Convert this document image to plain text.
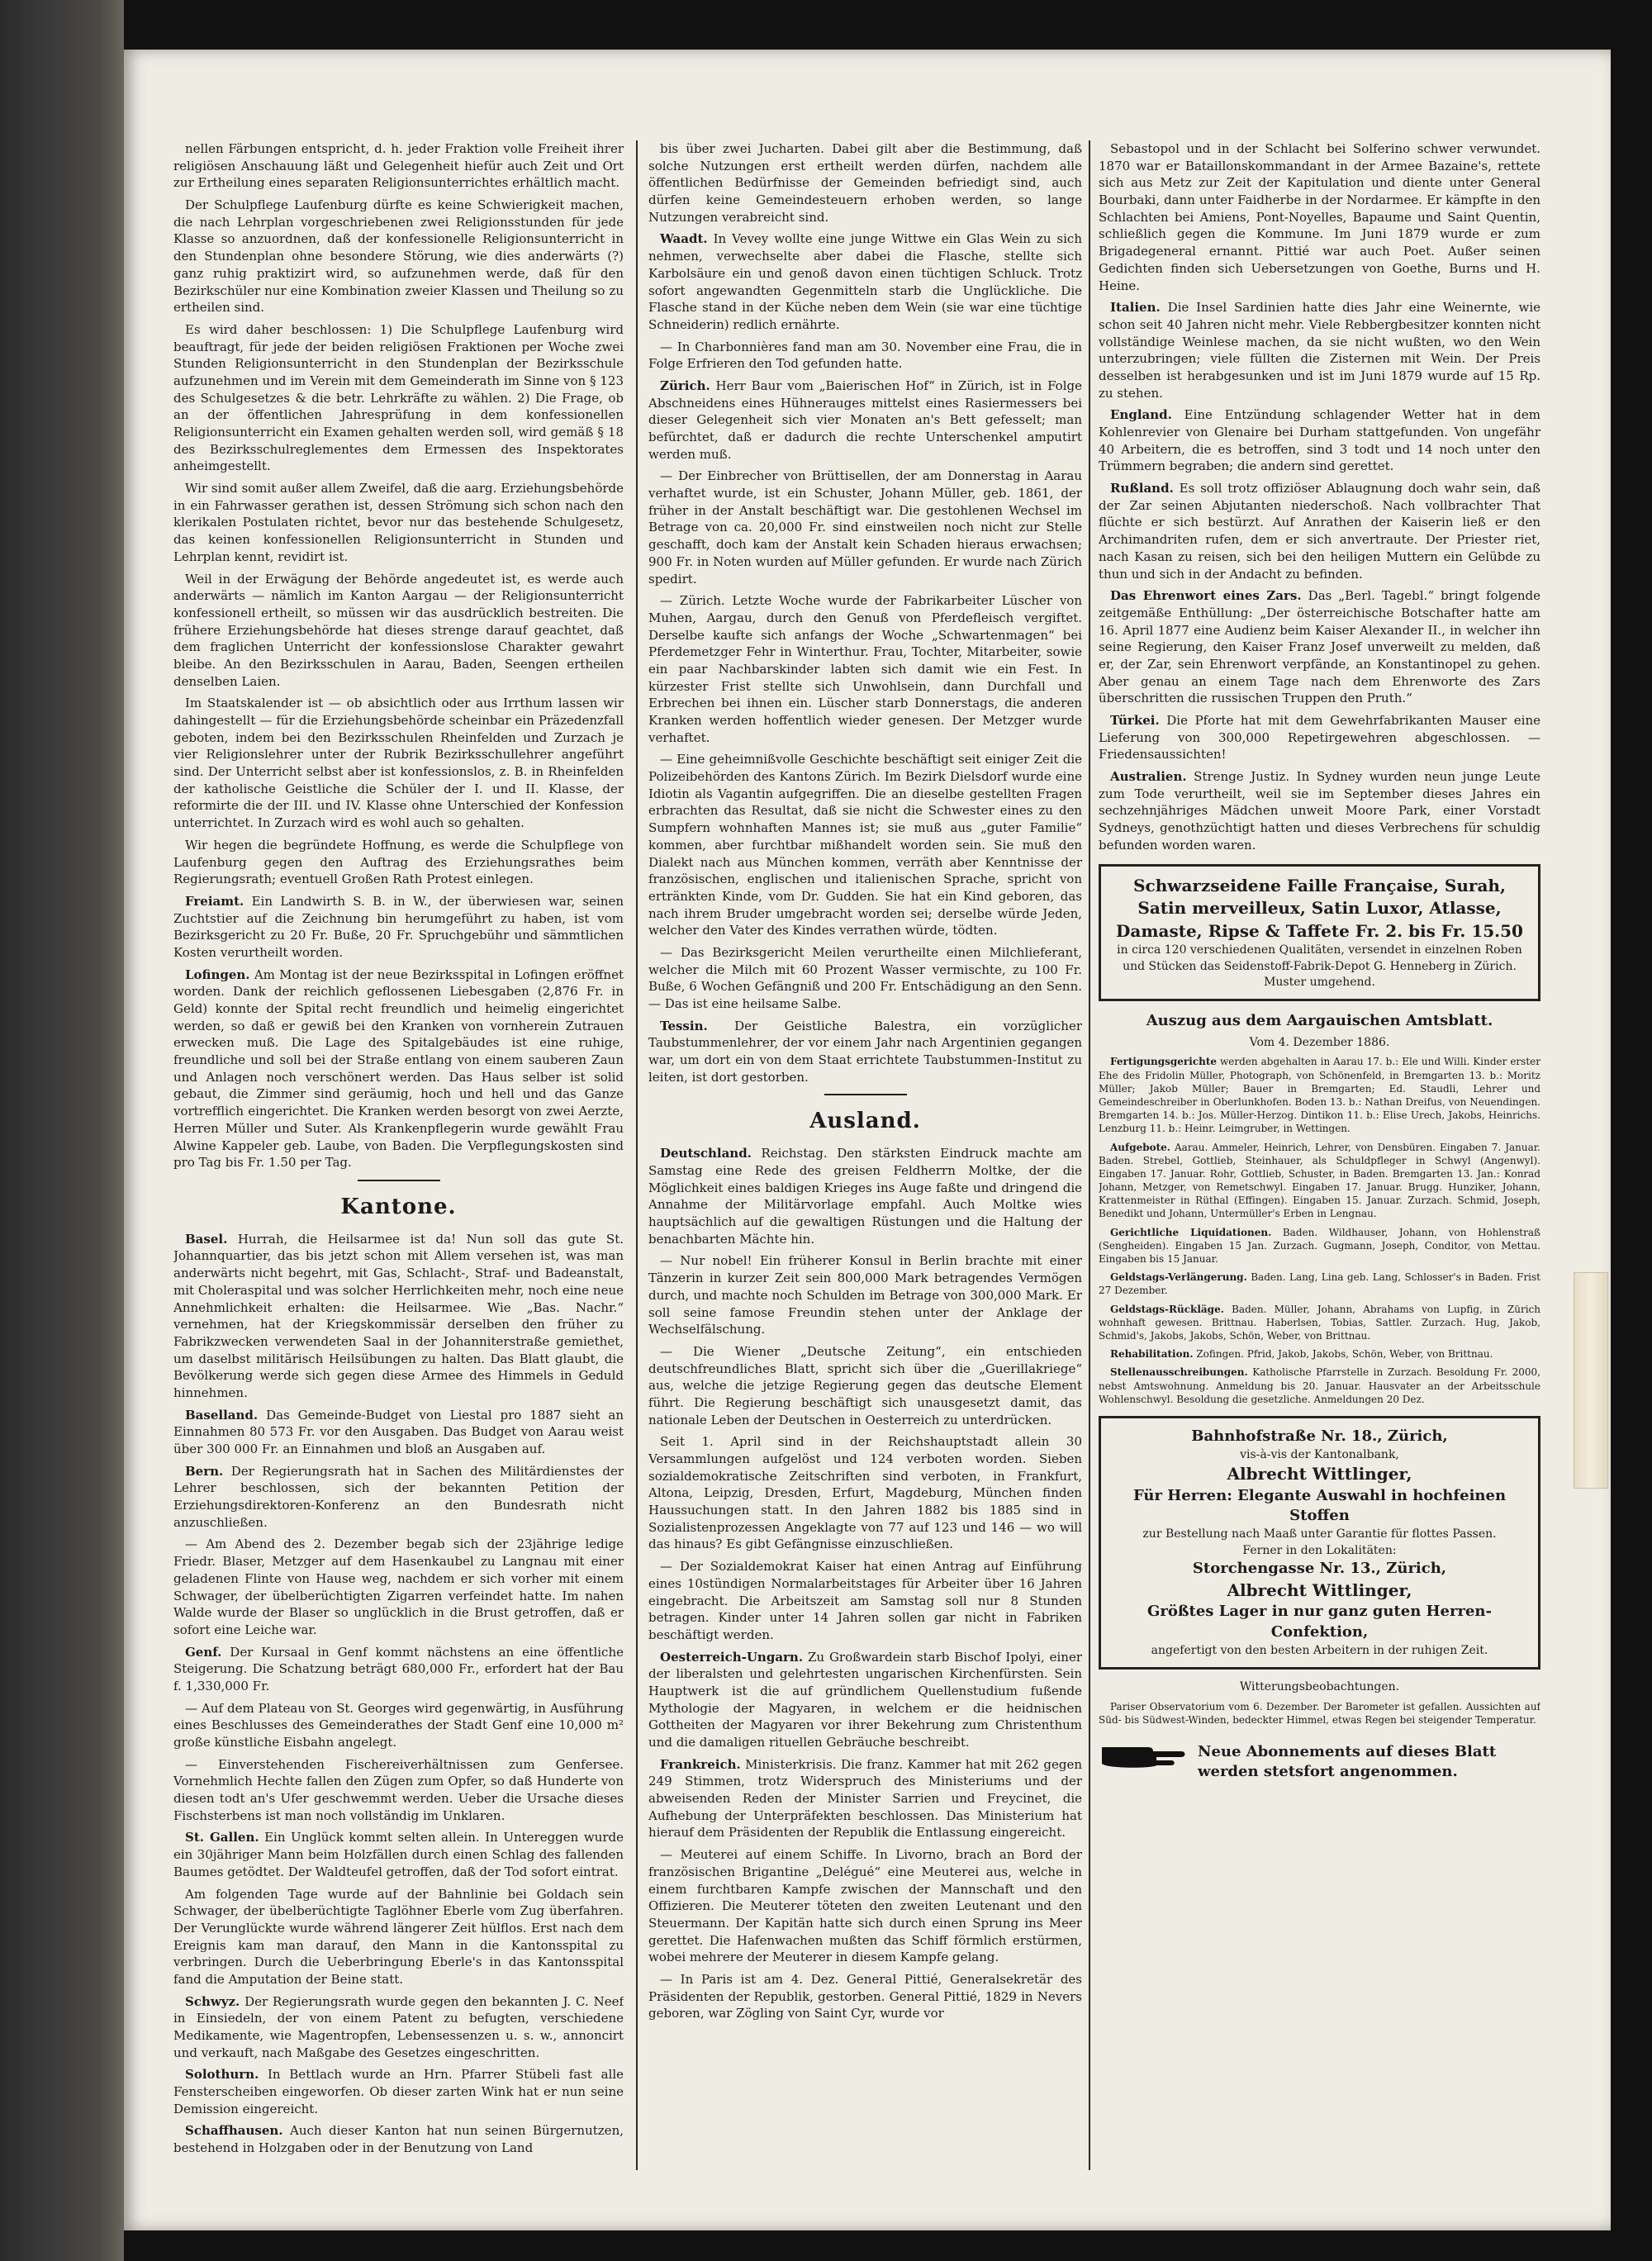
nellen Färbungen entspricht, d. h. jeder Fraktion volle Freiheit ihrer religiösen Anschauung läßt und Gelegenheit hiefür auch Zeit und Ort zur Ertheilung eines separaten Religionsunterrichtes erhältlich macht.

Der Schulpflege Laufenburg dürfte es keine Schwierigkeit machen, die nach Lehrplan vorgeschriebenen zwei Religionsstunden für jede Klasse so anzuordnen, daß der konfessionelle Religionsunterricht in den Stundenplan ohne besondere Störung, wie dies anderwärts (?) ganz ruhig praktizirt wird, so aufzunehmen werde, daß für den Bezirkschüler nur eine Kombination zweier Klassen und Theilung so zu ertheilen sind.

Es wird daher beschlossen: 1) Die Schulpflege Laufenburg wird beauftragt, für jede der beiden religiösen Fraktionen per Woche zwei Stunden Religionsunterricht in den Stundenplan der Bezirksschule aufzunehmen und im Verein mit dem Gemeinderath im Sinne von § 123 des Schulgesetzes & die betr. Lehrkräfte zu wählen. 2) Die Frage, ob an der öffentlichen Jahresprüfung in dem konfessionellen Religionsunterricht ein Examen gehalten werden soll, wird gemäß § 18 des Bezirksschulreglementes dem Ermessen des Inspektorates anheimgestellt.

Wir sind somit außer allem Zweifel, daß die aarg. Erziehungsbehörde in ein Fahrwasser gerathen ist, dessen Strömung sich schon nach den klerikalen Postulaten richtet, bevor nur das bestehende Schulgesetz, das keinen konfessionellen Religionsunterricht in Stunden und Lehrplan kennt, revidirt ist.

Weil in der Erwägung der Behörde angedeutet ist, es werde auch anderwärts — nämlich im Kanton Aargau — der Religionsunterricht konfessionell ertheilt, so müssen wir das ausdrücklich bestreiten. Die frühere Erziehungsbehörde hat dieses strenge darauf geachtet, daß dem fraglichen Unterricht der konfessionslose Charakter gewahrt bleibe. An den Bezirksschulen in Aarau, Baden, Seengen ertheilen denselben Laien.

Im Staatskalender ist — ob absichtlich oder aus Irrthum lassen wir dahingestellt — für die Erziehungsbehörde scheinbar ein Präzedenzfall geboten, indem bei den Bezirksschulen Rheinfelden und Zurzach je vier Religionslehrer unter der Rubrik Bezirksschullehrer angeführt sind. Der Unterricht selbst aber ist konfessionslos, z. B. in Rheinfelden der katholische Geistliche die Schüler der I. und II. Klasse, der reformirte die der III. und IV. Klasse ohne Unterschied der Konfession unterrichtet. In Zurzach wird es wohl auch so gehalten.

Wir hegen die begründete Hoffnung, es werde die Schulpflege von Laufenburg gegen den Auftrag des Erziehungsrathes beim Regierungsrath; eventuell Großen Rath Protest einlegen.

Freiamt. Ein Landwirth S. B. in W., der überwiesen war, seinen Zuchtstier auf die Zeichnung bin herumgeführt zu haben, ist vom Bezirksgericht zu 20 Fr. Buße, 20 Fr. Spruchgebühr und sämmtlichen Kosten verurtheilt worden.

Lofingen. Am Montag ist der neue Bezirksspital in Lofingen eröffnet worden. Dank der reichlich geflossenen Liebesgaben (2,876 Fr. in Geld) konnte der Spital recht freundlich und heimelig eingerichtet werden, so daß er gewiß bei den Kranken von vornherein Zutrauen erwecken muß. Die Lage des Spitalgebäudes ist eine ruhige, freundliche und soll bei der Straße entlang von einem sauberen Zaun und Anlagen noch verschönert werden. Das Haus selber ist solid gebaut, die Zimmer sind geräumig, hoch und hell und das Ganze vortrefflich eingerichtet. Die Kranken werden besorgt von zwei Aerzte, Herren Müller und Suter. Als Krankenpflegerin wurde gewählt Frau Alwine Kappeler geb. Laube, von Baden. Die Verpflegungskosten sind pro Tag bis Fr. 1.50 per Tag.

Kantone.

Basel. Hurrah, die Heilsarmee ist da! Nun soll das gute St. Johannquartier, das bis jetzt schon mit Allem versehen ist, was man anderwärts nicht begehrt, mit Gas, Schlacht-, Straf- und Badeanstalt, mit Choleraspital und was solcher Herrlichkeiten mehr, noch eine neue Annehmlichkeit erhalten: die Heilsarmee. Wie „Bas. Nachr.“ vernehmen, hat der Kriegskommissär derselben den früher zu Fabrikzwecken verwendeten Saal in der Johanniterstraße gemiethet, um daselbst militärisch Heilsübungen zu halten. Das Blatt glaubt, die Bevölkerung werde sich gegen diese Armee des Himmels in Geduld hinnehmen.

Baselland. Das Gemeinde-Budget von Liestal pro 1887 sieht an Einnahmen 80 573 Fr. vor den Ausgaben. Das Budget von Aarau weist über 300 000 Fr. an Einnahmen und bloß an Ausgaben auf.

Bern. Der Regierungsrath hat in Sachen des Militärdienstes der Lehrer beschlossen, sich der bekannten Petition der Erziehungsdirektoren-Konferenz an den Bundesrath nicht anzuschließen.

— Am Abend des 2. Dezember begab sich der 23jährige ledige Friedr. Blaser, Metzger auf dem Hasenkaubel zu Langnau mit einer geladenen Flinte von Hause weg, nachdem er sich vorher mit einem Schwager, der übelberüchtigten Zigarren verfeindet hatte. Im nahen Walde wurde der Blaser so unglücklich in die Brust getroffen, daß er sofort eine Leiche war.

Genf. Der Kursaal in Genf kommt nächstens an eine öffentliche Steigerung. Die Schatzung beträgt 680,000 Fr., erfordert hat der Bau f. 1,330,000 Fr.

— Auf dem Plateau von St. Georges wird gegenwärtig, in Ausführung eines Beschlusses des Gemeinderathes der Stadt Genf eine 10,000 m² große künstliche Eisbahn angelegt.

— Einverstehenden Fischereiverhältnissen zum Genfersee. Vornehmlich Hechte fallen den Zügen zum Opfer, so daß Hunderte von diesen todt an's Ufer geschwemmt werden. Ueber die Ursache dieses Fischsterbens ist man noch vollständig im Unklaren.

St. Gallen. Ein Unglück kommt selten allein. In Untereggen wurde ein 30jähriger Mann beim Holzfällen durch einen Schlag des fallenden Baumes getödtet. Der Waldteufel getroffen, daß der Tod sofort eintrat.

Am folgenden Tage wurde auf der Bahnlinie bei Goldach sein Schwager, der übelberüchtigte Taglöhner Eberle vom Zug überfahren. Der Verunglückte wurde während längerer Zeit hülflos. Erst nach dem Ereignis kam man darauf, den Mann in die Kantonsspital zu verbringen. Durch die Ueberbringung Eberle's in das Kantonsspital fand die Amputation der Beine statt.

Schwyz. Der Regierungsrath wurde gegen den bekannten J. C. Neef in Einsiedeln, der von einem Patent zu befugten, verschiedene Medikamente, wie Magentropfen, Lebensessenzen u. s. w., annoncirt und verkauft, nach Maßgabe des Gesetzes eingeschritten.

Solothurn. In Bettlach wurde an Hrn. Pfarrer Stübeli fast alle Fensterscheiben eingeworfen. Ob dieser zarten Wink hat er nun seine Demission eingereicht.

Schaffhausen. Auch dieser Kanton hat nun seinen Bürgernutzen, bestehend in Holzgaben oder in der Benutzung von Land

bis über zwei Jucharten. Dabei gilt aber die Bestimmung, daß solche Nutzungen erst ertheilt werden dürfen, nachdem alle öffentlichen Bedürfnisse der Gemeinden befriedigt sind, auch dürfen keine Gemeindesteuern erhoben werden, so lange Nutzungen verabreicht sind.

Waadt. In Vevey wollte eine junge Wittwe ein Glas Wein zu sich nehmen, verwechselte aber dabei die Flasche, stellte sich Karbolsäure ein und genoß davon einen tüchtigen Schluck. Trotz sofort angewandten Gegenmitteln starb die Unglückliche. Die Flasche stand in der Küche neben dem Wein (sie war eine tüchtige Schneiderin) redlich ernährte.

— In Charbonnières fand man am 30. November eine Frau, die in Folge Erfrieren den Tod gefunden hatte.

Zürich. Herr Baur vom „Baierischen Hof“ in Zürich, ist in Folge Abschneidens eines Hühnerauges mittelst eines Rasiermessers bei dieser Gelegenheit sich vier Monaten an's Bett gefesselt; man befürchtet, daß er dadurch die rechte Unterschenkel amputirt werden muß.

— Der Einbrecher von Brüttisellen, der am Donnerstag in Aarau verhaftet wurde, ist ein Schuster, Johann Müller, geb. 1861, der früher in der Anstalt beschäftigt war. Die gestohlenen Wechsel im Betrage von ca. 20,000 Fr. sind einstweilen noch nicht zur Stelle geschafft, doch kam der Anstalt kein Schaden hieraus erwachsen; 900 Fr. in Noten wurden auf Müller gefunden. Er wurde nach Zürich spedirt.

— Zürich. Letzte Woche wurde der Fabrikarbeiter Lüscher von Muhen, Aargau, durch den Genuß von Pferdefleisch vergiftet. Derselbe kaufte sich anfangs der Woche „Schwartenmagen“ bei Pferdemetzger Fehr in Winterthur. Frau, Tochter, Mitarbeiter, sowie ein paar Nachbarskinder labten sich damit wie ein Fest. In kürzester Frist stellte sich Unwohlsein, dann Durchfall und Erbrechen bei ihnen ein. Lüscher starb Donnerstags, die anderen Kranken werden hoffentlich wieder genesen. Der Metzger wurde verhaftet.

— Eine geheimnißvolle Geschichte beschäftigt seit einiger Zeit die Polizeibehörden des Kantons Zürich. Im Bezirk Dielsdorf wurde eine Idiotin als Vagantin aufgegriffen. Die an dieselbe gestellten Fragen erbrachten das Resultat, daß sie nicht die Schwester eines zu den Sumpfern wohnhaften Mannes ist; sie muß aus „guter Familie“ kommen, aber furchtbar mißhandelt worden sein. Sie muß den Dialekt nach aus München kommen, verräth aber Kenntnisse der französischen, englischen und italienischen Sprache, spricht von ertränkten Kinde, vom Dr. Gudden. Sie hat ein Kind geboren, das nach ihrem Bruder umgebracht worden sei; derselbe würde Jeden, welcher den Vater des Kindes verrathen würde, tödten.

— Das Bezirksgericht Meilen verurtheilte einen Milchlieferant, welcher die Milch mit 60 Prozent Wasser vermischte, zu 100 Fr. Buße, 6 Wochen Gefängniß und 200 Fr. Entschädigung an den Senn. — Das ist eine heilsame Salbe.

Tessin. Der Geistliche Balestra, ein vorzüglicher Taubstummenlehrer, der vor einem Jahr nach Argentinien gegangen war, um dort ein von dem Staat errichtete Taubstummen-Institut zu leiten, ist dort gestorben.

Ausland.

Deutschland. Reichstag. Den stärksten Eindruck machte am Samstag eine Rede des greisen Feldherrn Moltke, der die Möglichkeit eines baldigen Krieges ins Auge faßte und dringend die Annahme der Militärvorlage empfahl. Auch Moltke wies hauptsächlich auf die gewaltigen Rüstungen und die Haltung der benachbarten Mächte hin.

— Nur nobel! Ein früherer Konsul in Berlin brachte mit einer Tänzerin in kurzer Zeit sein 800,000 Mark betragendes Vermögen durch, und machte noch Schulden im Betrage von 300,000 Mark. Er soll seine famose Freundin stehen unter der Anklage der Wechselfälschung.

— Die Wiener „Deutsche Zeitung“, ein entschieden deutschfreundliches Blatt, spricht sich über die „Guerillakriege“ aus, welche die jetzige Regierung gegen das deutsche Element führt. Die Regierung beschäftigt sich unausgesetzt damit, das nationale Leben der Deutschen in Oesterreich zu unterdrücken.

Seit 1. April sind in der Reichshauptstadt allein 30 Versammlungen aufgelöst und 124 verboten worden. Sieben sozialdemokratische Zeitschriften sind verboten, in Frankfurt, Altona, Leipzig, Dresden, Erfurt, Magdeburg, München finden Haussuchungen statt. In den Jahren 1882 bis 1885 sind in Sozialistenprozessen Angeklagte von 77 auf 123 und 146 — wo will das hinaus? Es gibt Gefängnisse einzuschließen.

— Der Sozialdemokrat Kaiser hat einen Antrag auf Einführung eines 10stündigen Normalarbeitstages für Arbeiter über 16 Jahren eingebracht. Die Arbeitszeit am Samstag soll nur 8 Stunden betragen. Kinder unter 14 Jahren sollen gar nicht in Fabriken beschäftigt werden.

Oesterreich-Ungarn. Zu Großwardein starb Bischof Ipolyi, einer der liberalsten und gelehrtesten ungarischen Kirchenfürsten. Sein Hauptwerk ist die auf gründlichem Quellenstudium fußende Mythologie der Magyaren, in welchem er die heidnischen Gottheiten der Magyaren vor ihrer Bekehrung zum Christenthum und die damaligen rituellen Gebräuche beschreibt.

Frankreich. Ministerkrisis. Die franz. Kammer hat mit 262 gegen 249 Stimmen, trotz Widerspruch des Ministeriums und der abweisenden Reden der Minister Sarrien und Freycinet, die Aufhebung der Unterpräfekten beschlossen. Das Ministerium hat hierauf dem Präsidenten der Republik die Entlassung eingereicht.

— Meuterei auf einem Schiffe. In Livorno, brach an Bord der französischen Brigantine „Delégué“ eine Meuterei aus, welche in einem furchtbaren Kampfe zwischen der Mannschaft und den Offizieren. Die Meuterer töteten den zweiten Leutenant und den Steuermann. Der Kapitän hatte sich durch einen Sprung ins Meer gerettet. Die Hafenwachen mußten das Schiff förmlich erstürmen, wobei mehrere der Meuterer in diesem Kampfe gelang.

— In Paris ist am 4. Dez. General Pittié, Generalsekretär des Präsidenten der Republik, gestorben. General Pittié, 1829 in Nevers geboren, war Zögling von Saint Cyr, wurde vor

Sebastopol und in der Schlacht bei Solferino schwer verwundet. 1870 war er Bataillonskommandant in der Armee Bazaine's, rettete sich aus Metz zur Zeit der Kapitulation und diente unter General Bourbaki, dann unter Faidherbe in der Nordarmee. Er kämpfte in den Schlachten bei Amiens, Pont-Noyelles, Bapaume und Saint Quentin, schließlich gegen die Kommune. Im Juni 1879 wurde er zum Brigadegeneral ernannt. Pittié war auch Poet. Außer seinen Gedichten finden sich Uebersetzungen von Goethe, Burns und H. Heine.

Italien. Die Insel Sardinien hatte dies Jahr eine Weinernte, wie schon seit 40 Jahren nicht mehr. Viele Rebbergbesitzer konnten nicht vollständige Weinlese machen, da sie nicht wußten, wo den Wein unterzubringen; viele füllten die Zisternen mit Wein. Der Preis desselben ist herabgesunken und ist im Juni 1879 wurde auf 15 Rp. zu stehen.

England. Eine Entzündung schlagender Wetter hat in dem Kohlenrevier von Glenaire bei Durham stattgefunden. Von ungefähr 40 Arbeitern, die es betroffen, sind 3 todt und 14 noch unter den Trümmern begraben; die andern sind gerettet.

Rußland. Es soll trotz offiziöser Ablaugnung doch wahr sein, daß der Zar seinen Abjutanten niederschoß. Nach vollbrachter That flüchte er sich bestürzt. Auf Anrathen der Kaiserin ließ er den Archimandriten rufen, dem er sich anvertraute. Der Priester riet, nach Kasan zu reisen, sich bei den heiligen Muttern ein Gelübde zu thun und sich in der Andacht zu befinden.

Das Ehrenwort eines Zars. Das „Berl. Tagebl.“ bringt folgende zeitgemäße Enthüllung: „Der österreichische Botschafter hatte am 16. April 1877 eine Audienz beim Kaiser Alexander II., in welcher ihn seine Regierung, den Kaiser Franz Josef unverweilt zu melden, daß er, der Zar, sein Ehrenwort verpfände, an Konstantinopel zu gehen. Aber genau an einem Tage nach dem Ehrenworte des Zars überschritten die russischen Truppen den Pruth.“

Türkei. Die Pforte hat mit dem Gewehrfabrikanten Mauser eine Lieferung von 300,000 Repetirgewehren abgeschlossen. — Friedensaussichten!

Australien. Strenge Justiz. In Sydney wurden neun junge Leute zum Tode verurtheilt, weil sie im September dieses Jahres ein sechzehnjähriges Mädchen unweit Moore Park, einer Vorstadt Sydneys, genothzüchtigt hatten und dieses Verbrechens für schuldig befunden worden waren.

Schwarzseidene Faille Française, Surah,
Satin merveilleux, Satin Luxor, Atlasse,
Damaste, Ripse & Taffete Fr. 2. bis Fr. 15.50
in circa 120 verschiedenen Qualitäten, versendet in einzelnen Roben und Stücken das Seidenstoff-Fabrik-Depot G. Henneberg in Zürich. Muster umgehend.
Auszug aus dem Aargauischen Amtsblatt.
Vom 4. Dezember 1886.

Fertigungsgerichte werden abgehalten in Aarau 17. b.: Ele und Willi. Kinder erster Ehe des Fridolin Müller, Photograph, von Schönenfeld, in Bremgarten 13. b.: Moritz Müller; Jakob Müller; Bauer in Bremgarten; Ed. Staudli, Lehrer und Gemeindeschreiber in Oberlunkhofen. Boden 13. b.: Nathan Dreifus, von Neuendingen. Bremgarten 14. b.: Jos. Müller-Herzog. Dintikon 11. b.: Elise Urech, Jakobs, Heinrichs. Lenzburg 11. b.: Heinr. Leimgruber, in Wettingen.

Aufgebote. Aarau. Ammeler, Heinrich, Lehrer, von Densbüren. Eingaben 7. Januar. Baden. Strebel, Gottlieb, Steinhauer, als Schuldpfleger in Schwyl (Angenwyl). Eingaben 17. Januar. Rohr, Gottlieb, Schuster, in Baden. Bremgarten 13. Jan.: Konrad Johann, Metzger, von Remetschwyl. Eingaben 17. Januar. Brugg. Hunziker, Johann, Krattenmeister in Rüthal (Effingen). Eingaben 15. Januar. Zurzach. Schmid, Joseph, Benedikt und Johann, Untermüller's Erben in Lengnau.

Gerichtliche Liquidationen. Baden. Wildhauser, Johann, von Hohlenstraß (Sengheiden). Eingaben 15 Jan. Zurzach. Gugmann, Joseph, Conditor, von Mettau. Eingaben bis 15 Januar.

Geldstags-Verlängerung. Baden. Lang, Lina geb. Lang, Schlosser's in Baden. Frist 27 Dezember.

Geldstags-Rückläge. Baden. Müller, Johann, Abrahams von Lupfig, in Zürich wohnhaft gewesen. Brittnau. Haberlsen, Tobias, Sattler. Zurzach. Hug, Jakob, Schmid's, Jakobs, Jakobs, Schön, Weber, von Brittnau.

Rehabilitation. Zofingen. Pfrid, Jakob, Jakobs, Schön, Weber, von Brittnau.

Stellenausschreibungen. Katholische Pfarrstelle in Zurzach. Besoldung Fr. 2000, nebst Amtswohnung. Anmeldung bis 20. Januar. Hausvater an der Arbeitsschule Wohlenschwyl. Besoldung die gesetzliche. Anmeldungen 20 Dez.

Bahnhofstraße Nr. 18., Zürich,
vis-à-vis der Kantonalbank,
Albrecht Wittlinger,
Für Herren: Elegante Auswahl in hochfeinen Stoffen
zur Bestellung nach Maaß unter Garantie für flottes Passen.
Ferner in den Lokalitäten:
Storchengasse Nr. 13., Zürich,
Albrecht Wittlinger,
Größtes Lager in nur ganz guten Herren-Confektion,
angefertigt von den besten Arbeitern in der ruhigen Zeit.
Witterungsbeobachtungen.

Pariser Observatorium vom 6. Dezember. Der Barometer ist gefallen. Aussichten auf Süd- bis Südwest-Winden, bedeckter Himmel, etwas Regen bei steigender Temperatur.

Neue Abonnements auf dieses Blatt
werden stetsfort angenommen.
